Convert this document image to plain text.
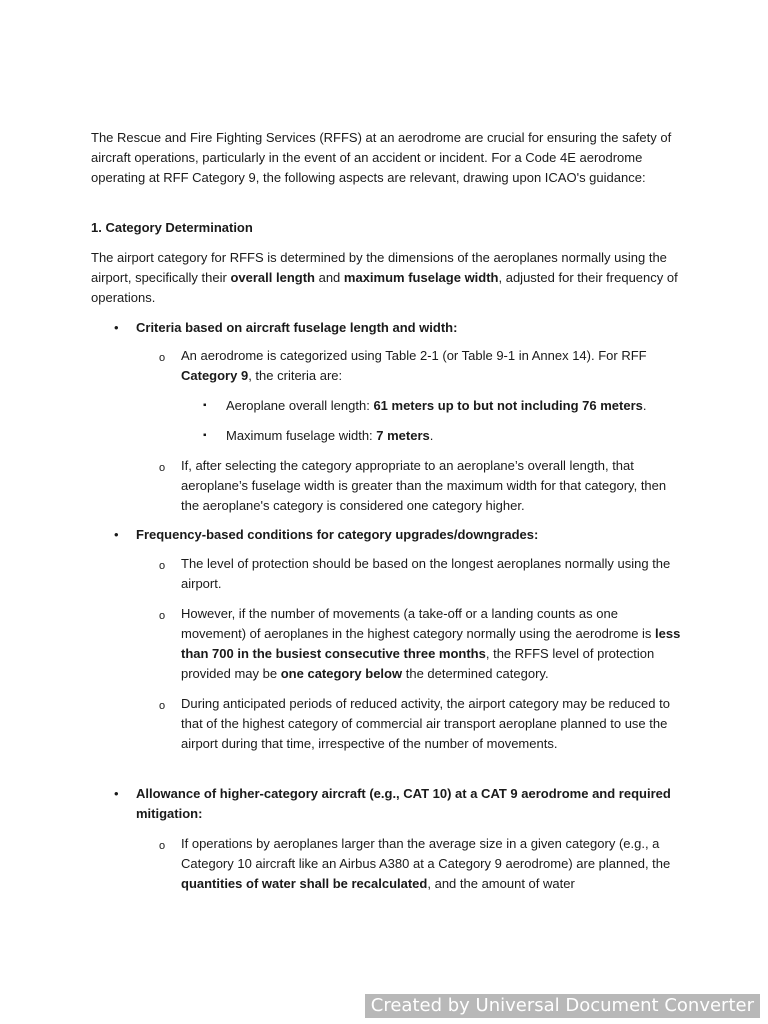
The Rescue and Fire Fighting Services (RFFS) at an aerodrome are crucial for ensuring the safety of aircraft operations, particularly in the event of an accident or incident. For a Code 4E aerodrome operating at RFF Category 9, the following aspects are relevant, drawing upon ICAO's guidance:

1. Category Determination

The airport category for RFFS is determined by the dimensions of the aeroplanes normally using the airport, specifically their overall length and maximum fuselage width, adjusted for their frequency of operations.

• Criteria based on aircraft fuselage length and width:

o An aerodrome is categorized using Table 2-1 (or Table 9-1 in Annex 14). For RFF Category 9, the criteria are:

▪ Aeroplane overall length: 61 meters up to but not including 76 meters.

▪ Maximum fuselage width: 7 meters.

o If, after selecting the category appropriate to an aeroplane’s overall length, that aeroplane’s fuselage width is greater than the maximum width for that category, then the aeroplane's category is considered one category higher.

• Frequency-based conditions for category upgrades/downgrades:

o The level of protection should be based on the longest aeroplanes normally using the airport.

o However, if the number of movements (a take-off or a landing counts as one movement) of aeroplanes in the highest category normally using the aerodrome is less than 700 in the busiest consecutive three months, the RFFS level of protection provided may be one category below the determined category.

o During anticipated periods of reduced activity, the airport category may be reduced to that of the highest category of commercial air transport aeroplane planned to use the airport during that time, irrespective of the number of movements.

• Allowance of higher-category aircraft (e.g., CAT 10) at a CAT 9 aerodrome and required mitigation:

o If operations by aeroplanes larger than the average size in a given category (e.g., a Category 10 aircraft like an Airbus A380 at a Category 9 aerodrome) are planned, the quantities of water shall be recalculated, and the amount of water

Created by Universal Document Converter
